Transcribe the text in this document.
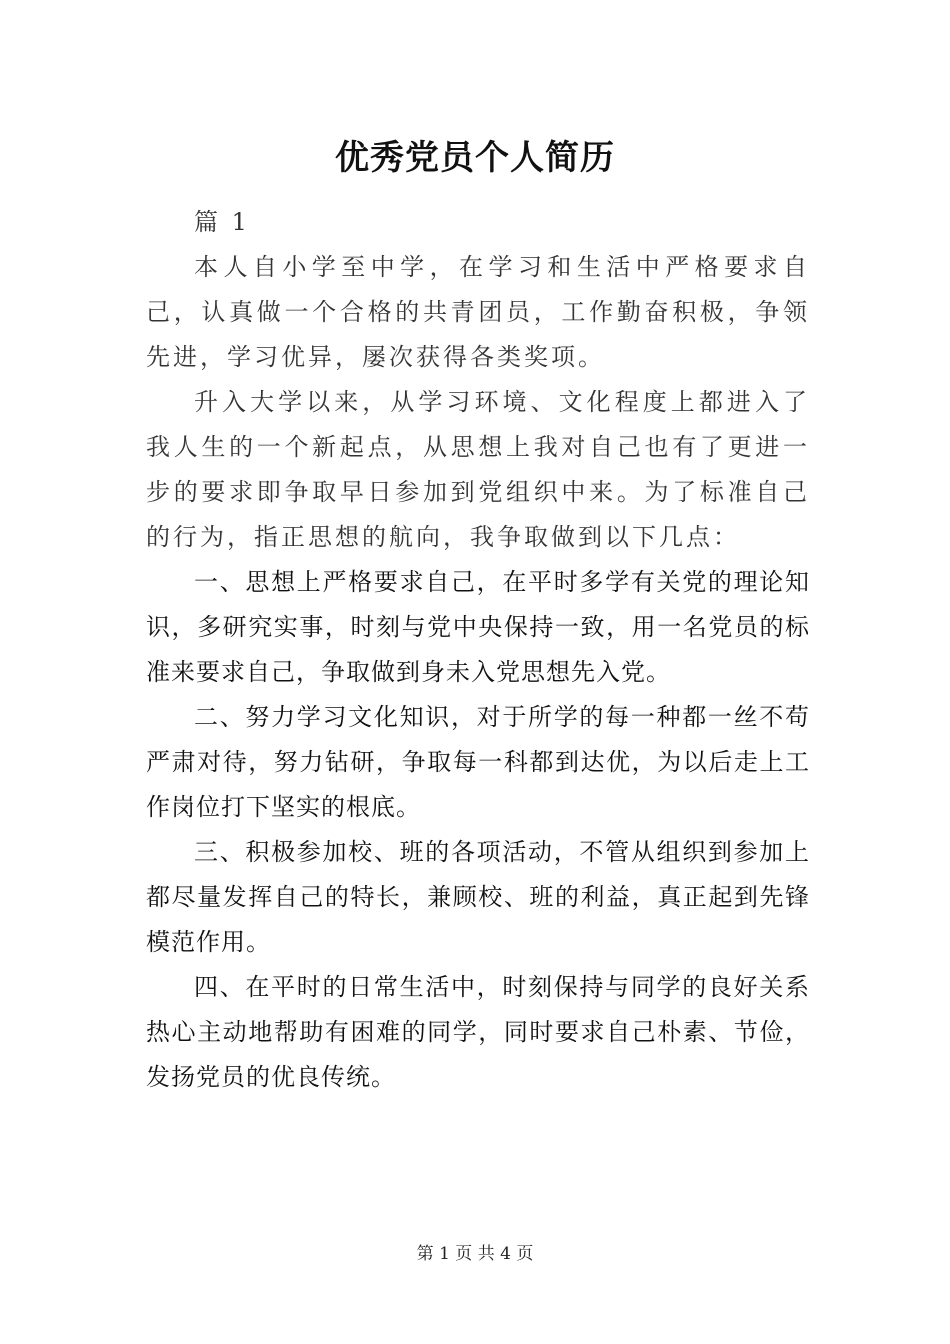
优秀党员个人简历

篇 1

本人自小学至中学，在学习和生活中严格要求自己，认真做一个合格的共青团员，工作勤奋积极，争领先进，学习优异，屡次获得各类奖项。

升入大学以来，从学习环境、文化程度上都进入了我人生的一个新起点，从思想上我对自己也有了更进一步的要求即争取早日参加到党组织中来。为了标准自己的行为，指正思想的航向，我争取做到以下几点：

一、思想上严格要求自己，在平时多学有关党的理论知识，多研究实事，时刻与党中央保持一致，用一名党员的标准来要求自己，争取做到身未入党思想先入党。

二、努力学习文化知识，对于所学的每一种都一丝不苟严肃对待，努力钻研，争取每一科都到达优，为以后走上工作岗位打下坚实的根底。

三、积极参加校、班的各项活动，不管从组织到参加上都尽量发挥自己的特长，兼顾校、班的利益，真正起到先锋模范作用。

四、在平时的日常生活中，时刻保持与同学的良好关系热心主动地帮助有困难的同学，同时要求自己朴素、节俭，发扬党员的优良传统。

第 1 页 共 4 页
